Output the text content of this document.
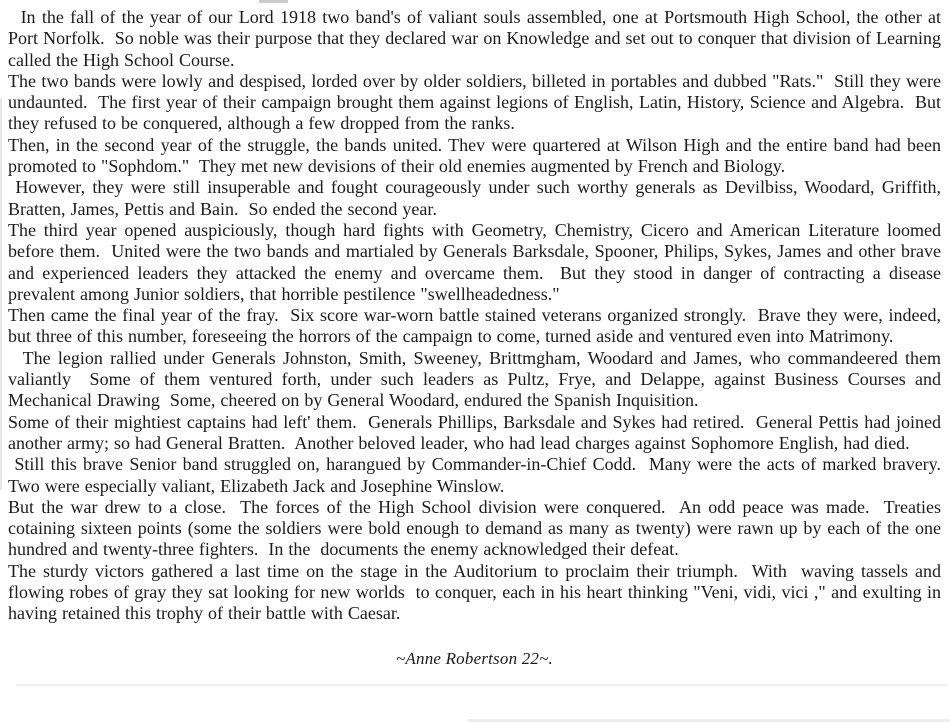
In the fall of the year of our Lord 1918 two band's of valiant souls assembled, one at Portsmouth High School, the other at Port Norfolk.  So noble was their purpose that they declared war on Knowledge and set out to conquer that division of Learning called the High School Course.

The two bands were lowly and despised, lorded over by older soldiers, billeted in portables and dubbed "Rats."  Still they were undaunted.  The first year of their campaign brought them against legions of English, Latin, History, Science and Algebra.  But they refused to be conquered, although a few dropped from the ranks.

Then, in the second year of the struggle, the bands united. Thev were quartered at Wilson High and the entire band had been promoted to "Sophdom."  They met new devisions of their old enemies augmented by French and Biology.

However, they were still insuperable and fought courageously under such worthy generals as Devilbiss, Woodard, Griffith, Bratten, James, Pettis and Bain.  So ended the second year.

The third year opened auspiciously, though hard fights with Geometry, Chemistry, Cicero and American Literature loomed before them.  United were the two bands and martialed by Generals Barksdale, Spooner, Philips, Sykes, James and other brave and experienced leaders they attacked the enemy and overcame them.  But they stood in danger of contracting a disease prevalent among Junior soldiers, that horrible pestilence "swellheadedness."

Then came the final year of the fray.  Six score war-worn battle stained veterans organized strongly.  Brave they were, indeed, but three of this number, foreseeing the horrors of the campaign to come, turned aside and ventured even into Matrimony.

The legion rallied under Generals Johnston, Smith, Sweeney, Brittmgham, Woodard and James, who commandeered them valiantly  Some of them ventured forth, under such leaders as Pultz, Frye, and Delappe, against Business Courses and Mechanical Drawing  Some, cheered on by General Woodard, endured the Spanish Inquisition.

Some of their mightiest captains had left' them.  Generals Phillips, Barksdale and Sykes had retired.  General Pettis had joined another army; so had General Bratten.  Another beloved leader, who had lead charges against Sophomore English, had died.

Still this brave Senior band struggled on, harangued by Commander-in-Chief Codd.  Many were the acts of marked bravery. Two were especially valiant, Elizabeth Jack and Josephine Winslow.

But the war drew to a close.  The forces of the High School division were conquered.  An odd peace was made.  Treaties cotaining sixteen points (some the soldiers were bold enough to demand as many as twenty) were rawn up by each of the one hundred and twenty-three fighters.  In the  documents the enemy acknowledged their defeat.

The sturdy victors gathered a last time on the stage in the Auditorium to proclaim their triumph.  With  waving tassels and flowing robes of gray they sat looking for new worlds  to conquer, each in his heart thinking "Veni, vidi, vici ," and exulting in having retained this trophy of their battle with Caesar.

~Anne Robertson 22~.
